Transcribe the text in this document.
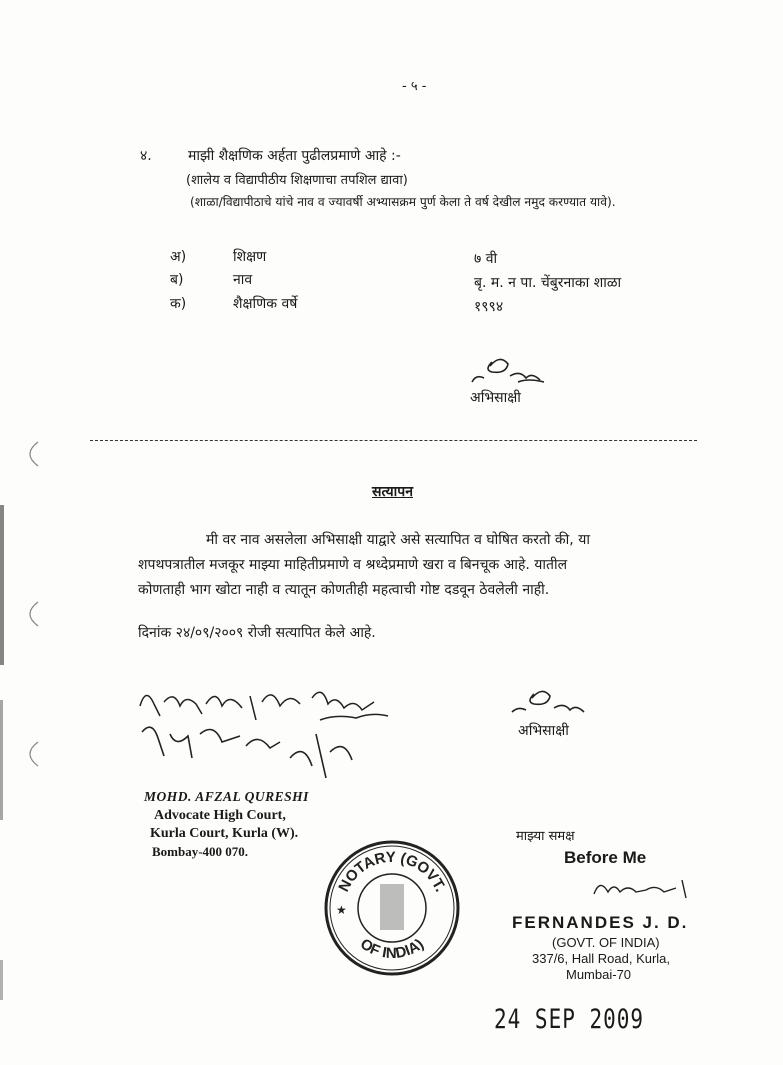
- ५ -
४.	माझी शैक्षणिक अर्हता पुढीलप्रमाणे आहे :-
(शालेय व विद्यापीठीय शिक्षणाचा तपशिल द्यावा)
(शाळा/विद्यापीठाचे यांचे नाव व ज्यावर्षी अभ्यासक्रम पुर्ण केला ते वर्ष देखील नमुद करण्यात यावे).
अ)	शिक्षण	७ वी
ब)	नाव	बृ. म. न पा. चेंबुरनाका शाळा
क)	शैक्षणिक वर्षे	१९९४
अभिसाक्षी
सत्यापन
मी वर नाव असलेला अभिसाक्षी याद्वारे असे सत्यापित व घोषित करतो की, या
शपथपत्रातील मजकूर माझ्या माहितीप्रमाणे व श्रध्देप्रमाणे खरा व बिनचूक आहे. यातील
कोणताही भाग खोटा नाही व त्यातून कोणतीही महत्वाची गोष्ट दडवून ठेवलेली नाही.
दिनांक २४/०९/२००९ रोजी सत्यापित केले आहे.
MOHD. AFZAL QURESHI
Advocate High Court,
Kurla Court, Kurla (W).
Bombay-400 070.
अभिसाक्षी
माझ्या समक्ष
NOTARY (GOVT.
OF INDIA)
★
Before Me
FERNANDES J. D.
(GOVT. OF INDIA)
337/6, Hall Road, Kurla,
Mumbai-70
24 SEP 2009
